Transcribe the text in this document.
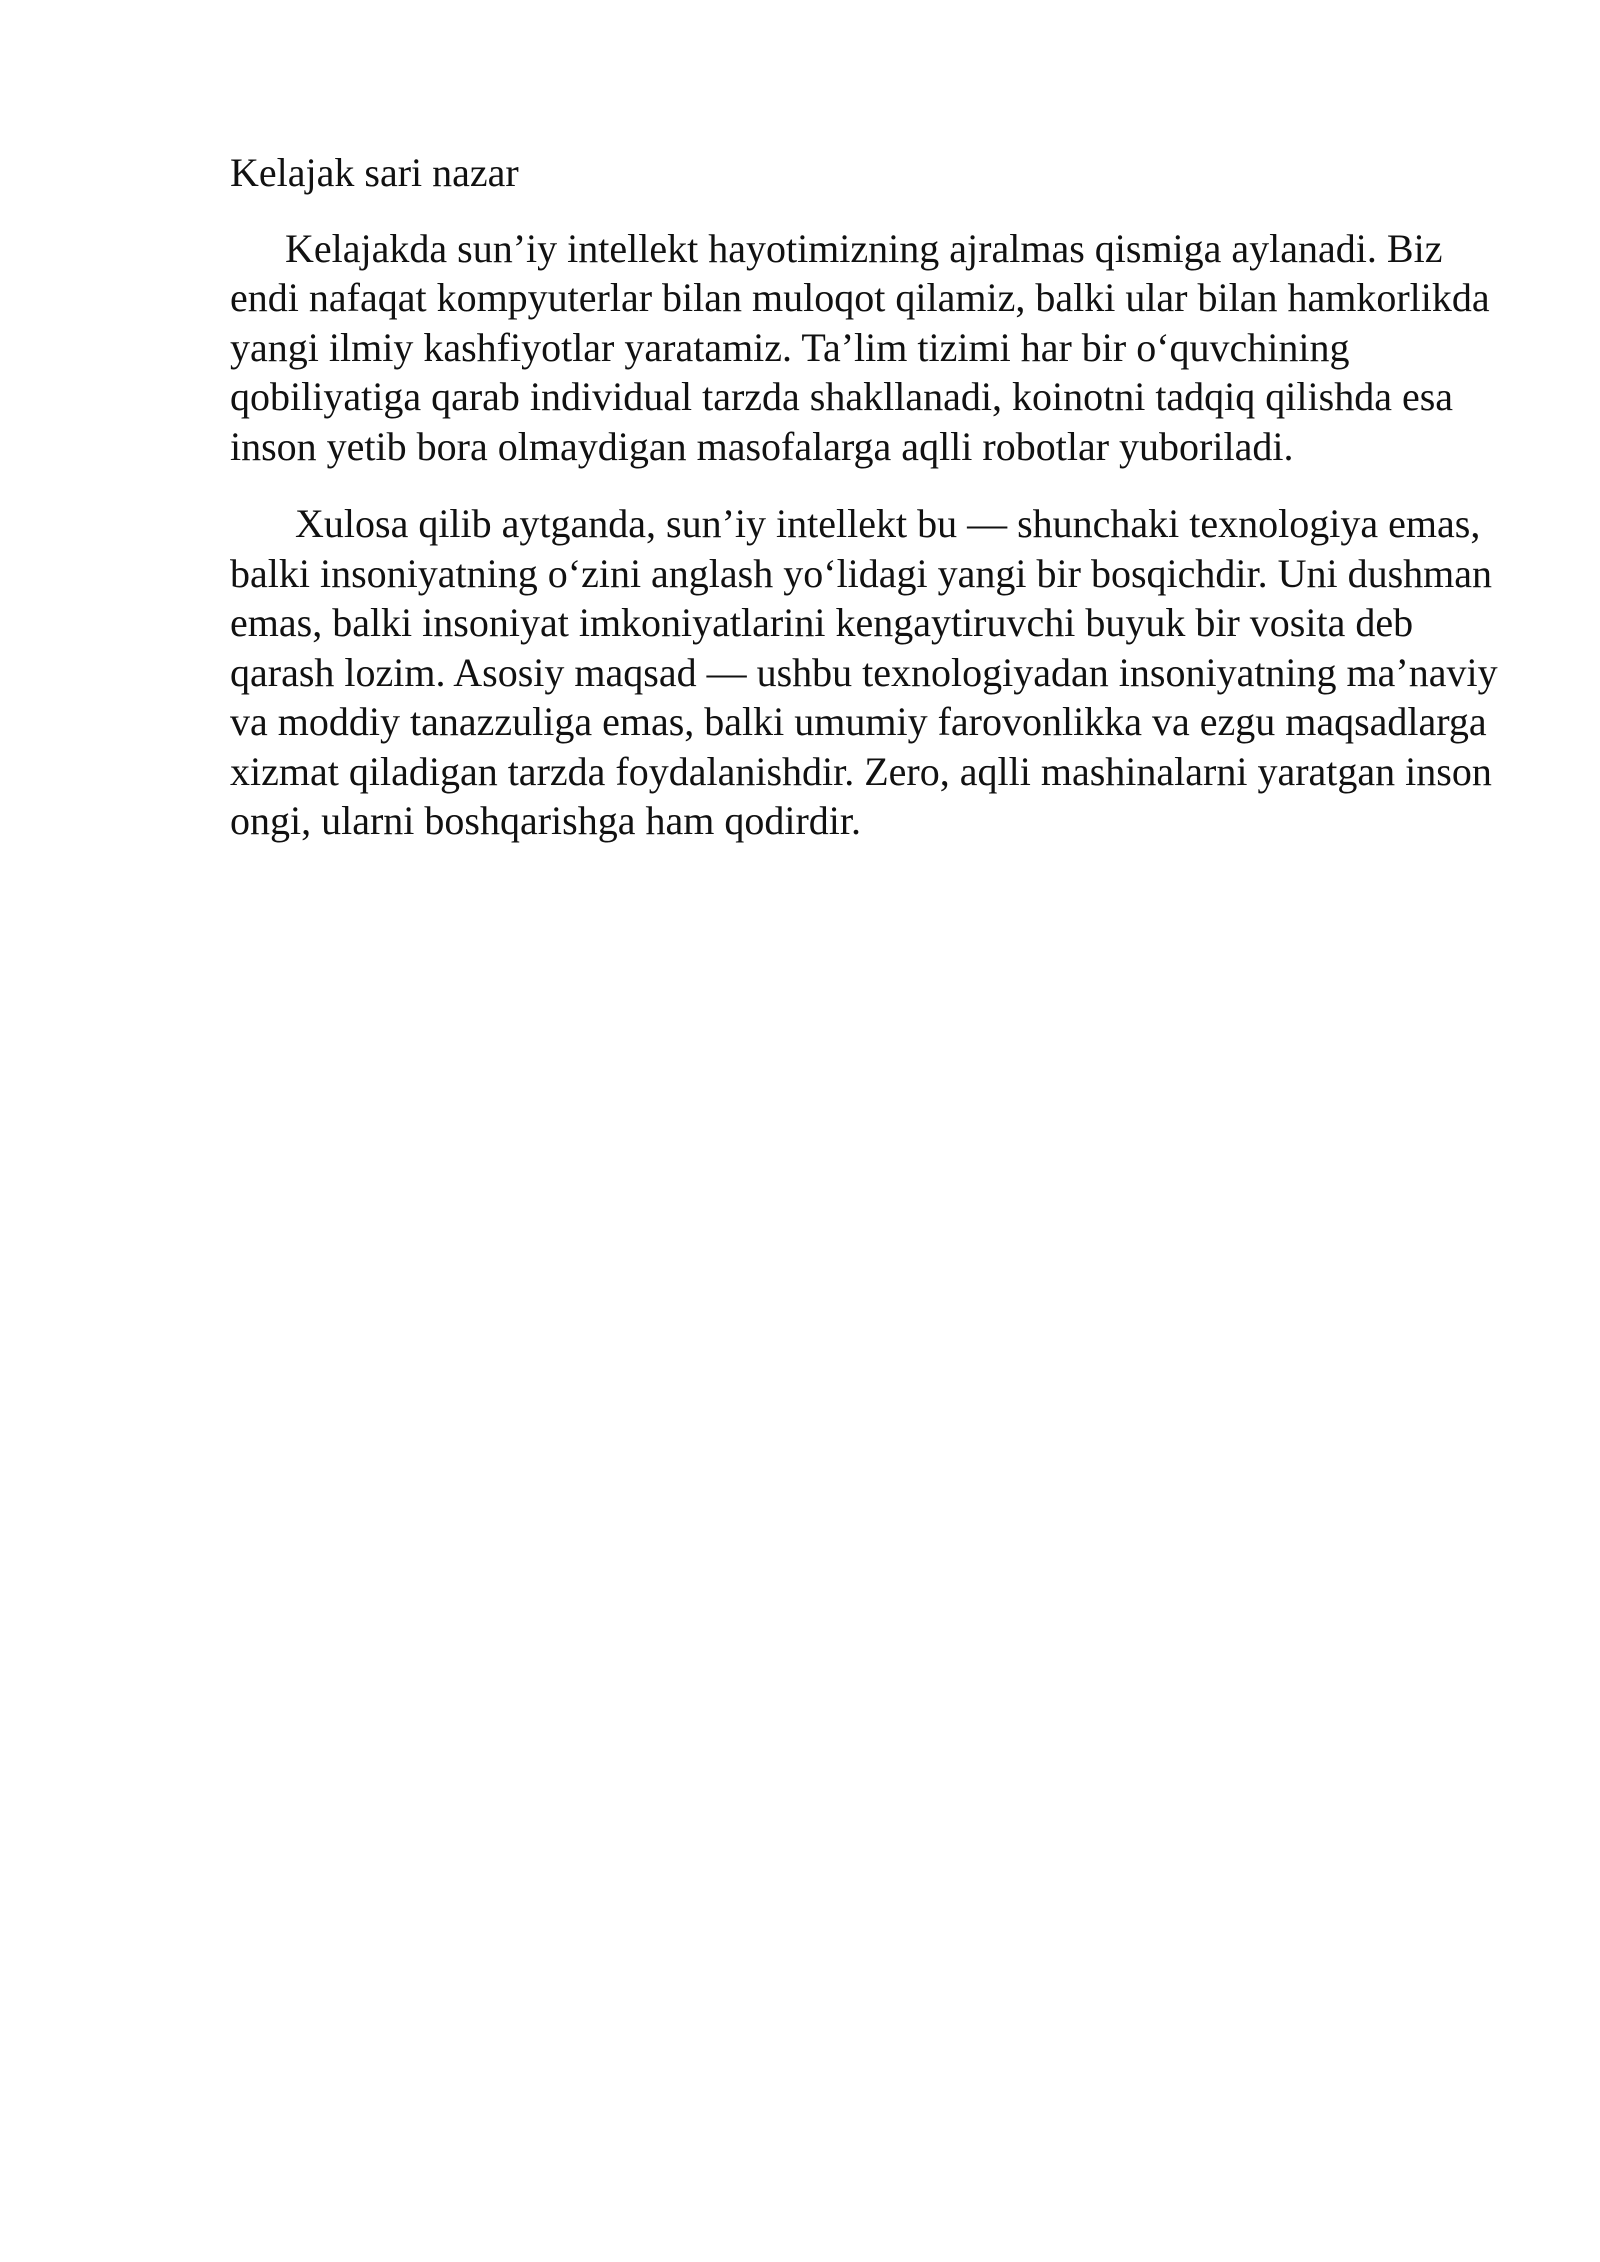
Kelajak sari nazar

Kelajakda sun’iy intellekt hayotimizning ajralmas qismiga aylanadi. Biz endi nafaqat kompyuterlar bilan muloqot qilamiz, balki ular bilan hamkorlikda yangi ilmiy kashfiyotlar yaratamiz. Ta’lim tizimi har bir o‘quvchining qobiliyatiga qarab individual tarzda shakllanadi, koinotni tadqiq qilishda esa inson yetib bora olmaydigan masofalarga aqlli robotlar yuboriladi.

Xulosa qilib aytganda, sun’iy intellekt bu — shunchaki texnologiya emas, balki insoniyatning o‘zini anglash yo‘lidagi yangi bir bosqichdir. Uni dushman emas, balki insoniyat imkoniyatlarini kengaytiruvchi buyuk bir vosita deb qarash lozim. Asosiy maqsad — ushbu texnologiyadan insoniyatning ma’naviy va moddiy tanazzuliga emas, balki umumiy farovonlikka va ezgu maqsadlarga xizmat qiladigan tarzda foydalanishdir. Zero, aqlli mashinalarni yaratgan inson ongi, ularni boshqarishga ham qodirdir.
